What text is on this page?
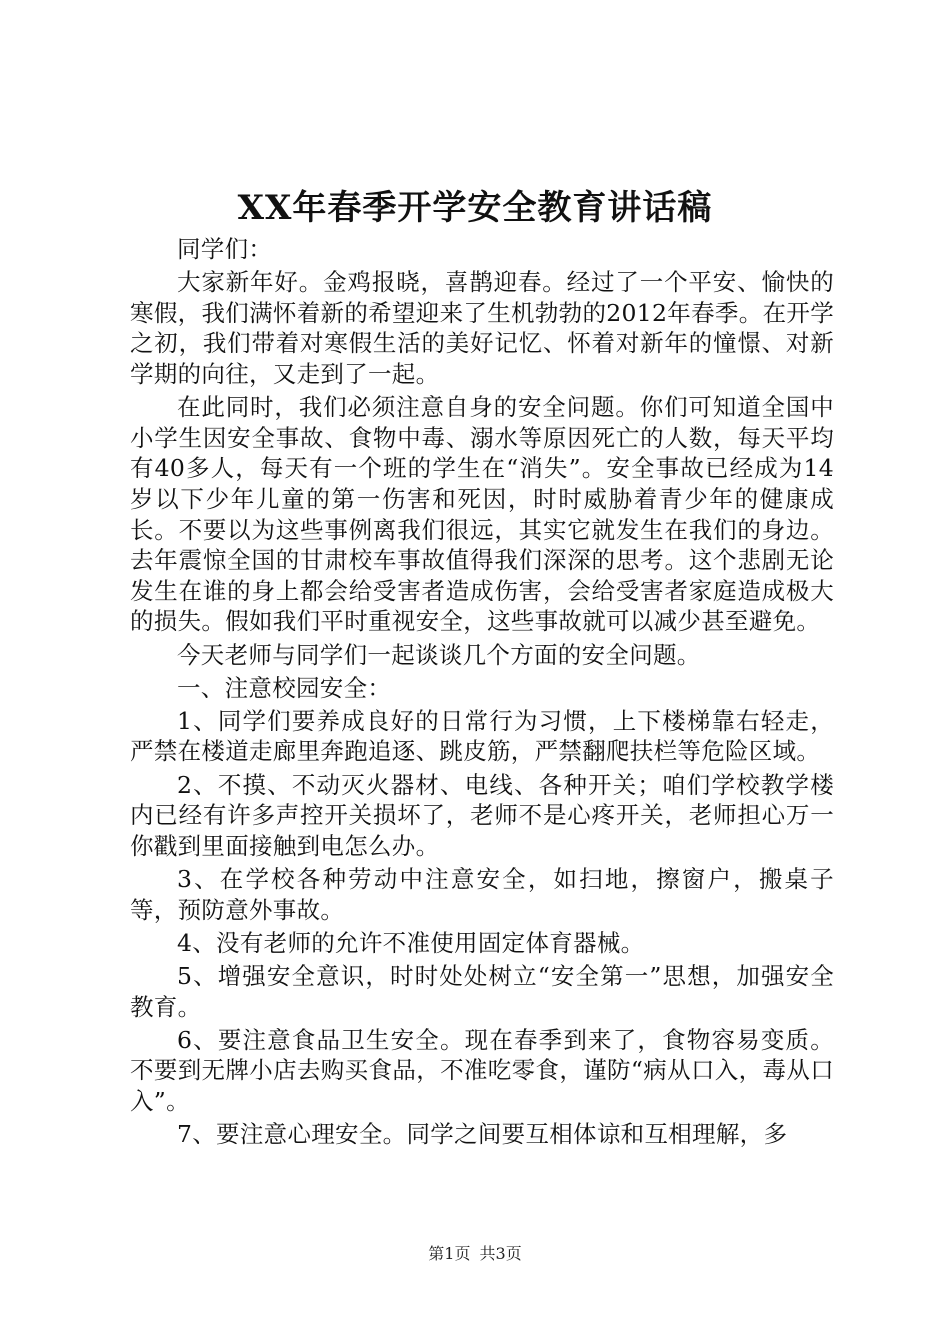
XX年春季开学安全教育讲话稿

同学们：

大家新年好。金鸡报晓，喜鹊迎春。经过了一个平安、愉快的寒假，我们满怀着新的希望迎来了生机勃勃的2012年春季。在开学之初，我们带着对寒假生活的美好记忆、怀着对新年的憧憬、对新学期的向往，又走到了一起。

在此同时，我们必须注意自身的安全问题。你们可知道全国中小学生因安全事故、食物中毒、溺水等原因死亡的人数，每天平均有40多人，每天有一个班的学生在“消失”。安全事故已经成为14岁以下少年儿童的第一伤害和死因，时时威胁着青少年的健康成长。不要以为这些事例离我们很远，其实它就发生在我们的身边。去年震惊全国的甘肃校车事故值得我们深深的思考。这个悲剧无论发生在谁的身上都会给受害者造成伤害，会给受害者家庭造成极大的损失。假如我们平时重视安全，这些事故就可以减少甚至避免。

今天老师与同学们一起谈谈几个方面的安全问题。

一、注意校园安全：

1、同学们要养成良好的日常行为习惯，上下楼梯靠右轻走，严禁在楼道走廊里奔跑追逐、跳皮筋，严禁翻爬扶栏等危险区域。

2、不摸、不动灭火器材、电线、各种开关；咱们学校教学楼内已经有许多声控开关损坏了，老师不是心疼开关，老师担心万一你戳到里面接触到电怎么办。

3、在学校各种劳动中注意安全，如扫地，擦窗户，搬桌子等，预防意外事故。

4、没有老师的允许不准使用固定体育器械。

5、增强安全意识，时时处处树立“安全第一”思想，加强安全教育。

6、要注意食品卫生安全。现在春季到来了，食物容易变质。不要到无牌小店去购买食品，不准吃零食，谨防“病从口入，毒从口入”。

7、要注意心理安全。同学之间要互相体谅和互相理解，多

第1页 共3页
